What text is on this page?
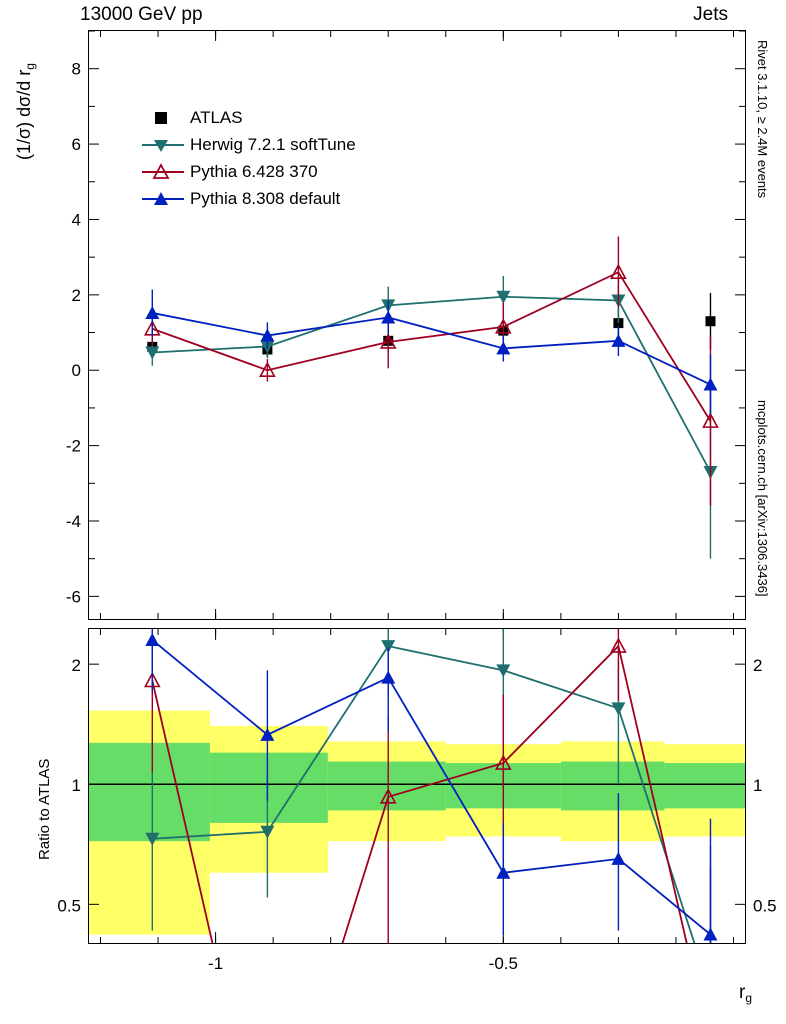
13000 GeV pp	Jets
Rivet 3.1.10, ≥ 2.4M events
mcplots.cern.ch [arXiv:1306.3436]
(1/σ) dσ/d $r_g$
Ratio to ATLAS
$r_g$
-6
-4
-2
0
2
4
6
8
0.5	0.5
1	1
2	2
-1	-0.5
ATLAS
Herwig 7.2.1 softTune
Pythia 6.428 370
Pythia 8.308 default
